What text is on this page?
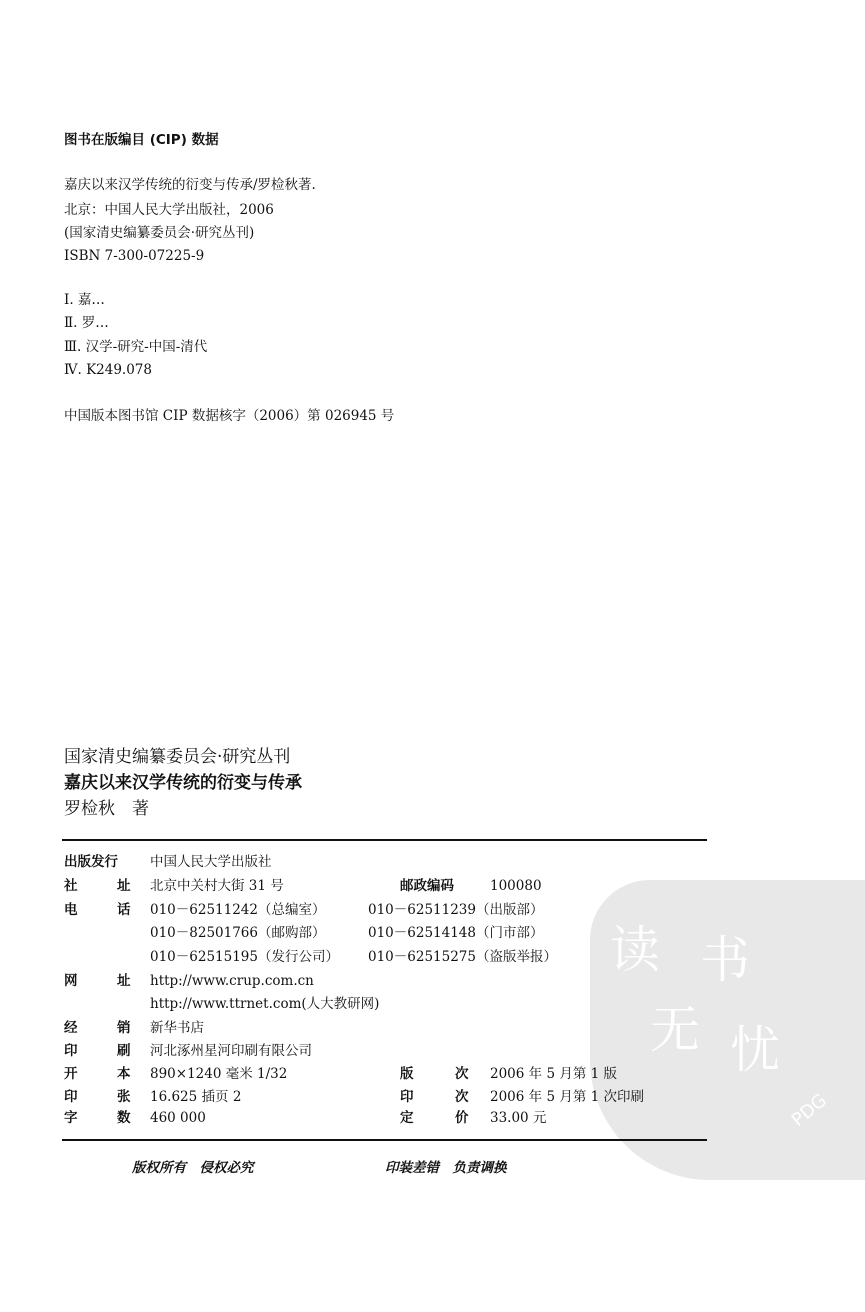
读 书
无 忧
PDG
图书在版编目 (CIP) 数据
嘉庆以来汉学传统的衍变与传承/罗检秋著.
北京：中国人民大学出版社，2006
(国家清史编纂委员会·研究丛刊)
ISBN 7-300-07225-9
Ⅰ. 嘉…
Ⅱ. 罗…
Ⅲ. 汉学-研究-中国-清代
Ⅳ. K249.078
中国版本图书馆 CIP 数据核字（2006）第 026945 号
国家清史编纂委员会·研究丛刊
嘉庆以来汉学传统的衍变与传承
罗检秋　著
出版发行 中国人民大学出版社
社	址 北京中关村大街 31 号	邮政编码	100080
电	话 010－62511242（总编室）	010－62511239（出版部）
010－82501766（邮购部）	010－62514148（门市部）
010－62515195（发行公司） 010－62515275（盗版举报）
网	址 http://www.crup.com.cn
http://www.ttrnet.com(人大教研网)
经	销 新华书店
印	刷 河北涿州星河印刷有限公司
开	本 890×1240 毫米 1/32	版	次 2006 年 5 月第 1 版
印	张 16.625 插页 2	印	次 2006 年 5 月第 1 次印刷
字	数 460 000	定	价 33.00 元
版权所有　侵权必究	印装差错　负责调换
